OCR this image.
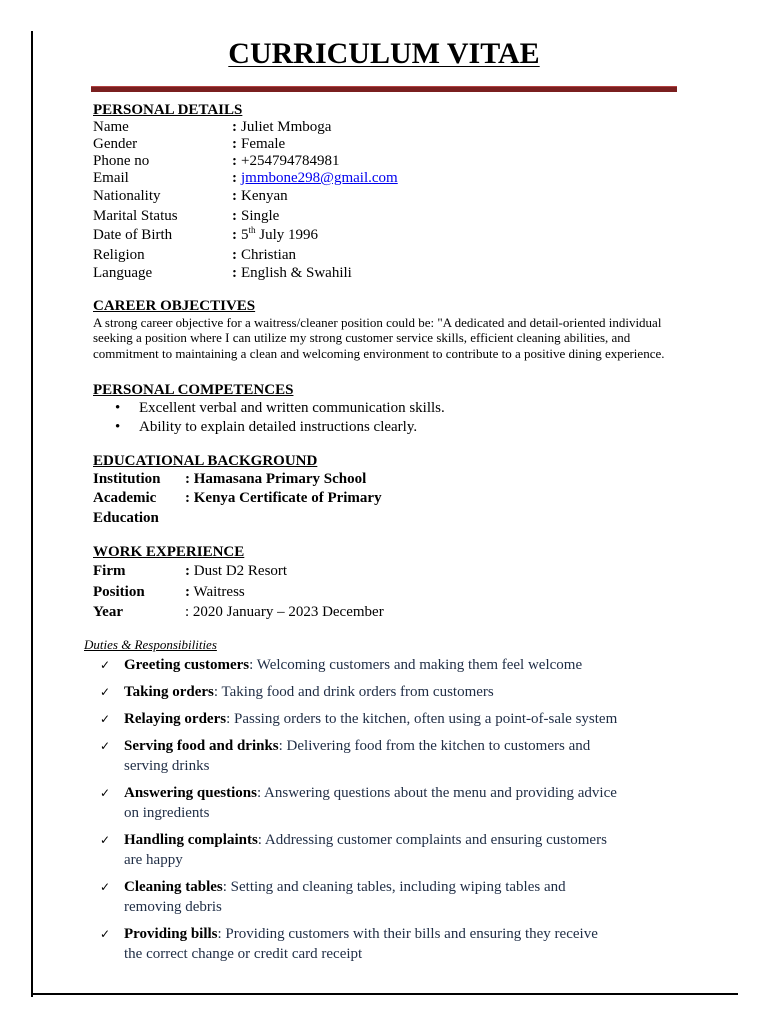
CURRICULUM VITAE
PERSONAL DETAILS
Name	: Juliet Mmboga
Gender	: Female
Phone no	: +254794784981
Email	: jmmbone298@gmail.com
Nationality	: Kenyan
Marital Status	: Single
Date of Birth	: 5th July 1996
Religion	: Christian
Language	: English & Swahili
CAREER OBJECTIVES

A strong career objective for a waitress/cleaner position could be: "A dedicated and detail-oriented individual seeking a position where I can utilize my strong customer service skills, efficient cleaning abilities, and commitment to maintaining a clean and welcoming environment to contribute to a positive dining experience.

PERSONAL COMPETENCES
• Excellent verbal and written communication skills.
• Ability to explain detailed instructions clearly.
EDUCATIONAL BACKGROUND
Institution	: Hamasana Primary School
Academic	: Kenya Certificate of Primary
Education
WORK EXPERIENCE
Firm	: Dust D2 Resort
Position	: Waitress
Year	: 2020 January – 2023 December
Duties & Responsibilities
✓ Greeting customers: Welcoming customers and making them feel welcome
✓ Taking orders: Taking food and drink orders from customers
✓ Relaying orders: Passing orders to the kitchen, often using a point-of-sale system
✓ Serving food and drinks: Delivering food from the kitchen to customers and
serving drinks
✓ Answering questions: Answering questions about the menu and providing advice
on ingredients
✓ Handling complaints: Addressing customer complaints and ensuring customers
are happy
✓ Cleaning tables: Setting and cleaning tables, including wiping tables and
removing debris
✓ Providing bills: Providing customers with their bills and ensuring they receive
the correct change or credit card receipt
